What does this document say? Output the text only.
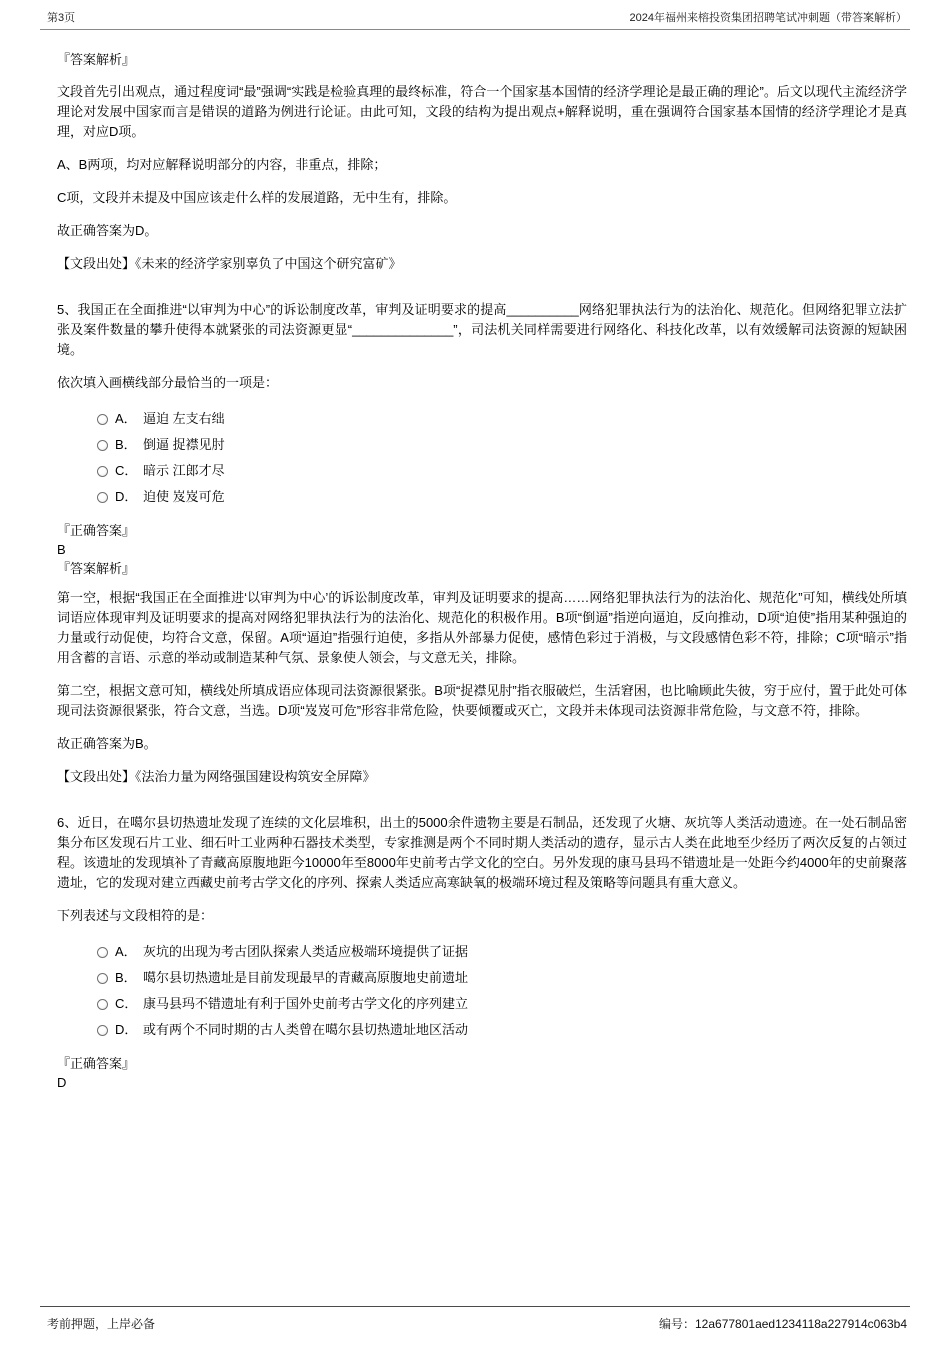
第3页	2024年福州来榕投资集团招聘笔试冲刺题（带答案解析）

『答案解析』

文段首先引出观点，通过程度词“最”强调“实践是检验真理的最终标准，符合一个国家基本国情的经济学理论是最正确的理论”。后文以现代主流经济学理论对发展中国家而言是错误的道路为例进行论证。由此可知，文段的结构为提出观点+解释说明，重在强调符合国家基本国情的经济学理论才是真理，对应D项。

A、B两项，均对应解释说明部分的内容，非重点，排除；

C项，文段并未提及中国应该走什么样的发展道路，无中生有，排除。

故正确答案为D。

【文段出处】《未来的经济学家别辜负了中国这个研究富矿》

5、我国正在全面推进“以审判为中心”的诉讼制度改革，审判及证明要求的提高__________网络犯罪执法行为的法治化、规范化。但网络犯罪立法扩张及案件数量的攀升使得本就紧张的司法资源更显“______________”，司法机关同样需要进行网络化、科技化改革，以有效缓解司法资源的短缺困境。

依次填入画横线部分最恰当的一项是：

A． 逼迫 左支右绌
B． 倒逼 捉襟见肘
C． 暗示 江郎才尽
D． 迫使 岌岌可危

『正确答案』

B

『答案解析』

第一空，根据“我国正在全面推进‘以审判为中心’的诉讼制度改革，审判及证明要求的提高……网络犯罪执法行为的法治化、规范化”可知，横线处所填词语应体现审判及证明要求的提高对网络犯罪执法行为的法治化、规范化的积极作用。B项“倒逼”指逆向逼迫，反向推动，D项“迫使”指用某种强迫的力量或行动促使，均符合文意，保留。A项“逼迫”指强行迫使，多指从外部暴力促使，感情色彩过于消极，与文段感情色彩不符，排除；C项“暗示”指用含蓄的言语、示意的举动或制造某种气氛、景象使人领会，与文意无关，排除。

第二空，根据文意可知，横线处所填成语应体现司法资源很紧张。B项“捉襟见肘”指衣服破烂，生活窘困，也比喻顾此失彼，穷于应付，置于此处可体现司法资源很紧张，符合文意，当选。D项“岌岌可危”形容非常危险，快要倾覆或灭亡，文段并未体现司法资源非常危险，与文意不符，排除。

故正确答案为B。

【文段出处】《法治力量为网络强国建设构筑安全屏障》

6、近日，在噶尔县切热遗址发现了连续的文化层堆积，出土的5000余件遗物主要是石制品，还发现了火塘、灰坑等人类活动遗迹。在一处石制品密集分布区发现石片工业、细石叶工业两种石器技术类型，专家推测是两个不同时期人类活动的遗存，显示古人类在此地至少经历了两次反复的占领过程。该遗址的发现填补了青藏高原腹地距今10000年至8000年史前考古学文化的空白。另外发现的康马县玛不错遗址是一处距今约4000年的史前聚落遗址，它的发现对建立西藏史前考古学文化的序列、探索人类适应高寒缺氧的极端环境过程及策略等问题具有重大意义。

下列表述与文段相符的是：

A． 灰坑的出现为考古团队探索人类适应极端环境提供了证据
B． 噶尔县切热遗址是目前发现最早的青藏高原腹地史前遗址
C． 康马县玛不错遗址有利于国外史前考古学文化的序列建立
D． 或有两个不同时期的古人类曾在噶尔县切热遗址地区活动

『正确答案』

D

考前押题，上岸必备	编号：12a677801aed1234118a227914c063b4
